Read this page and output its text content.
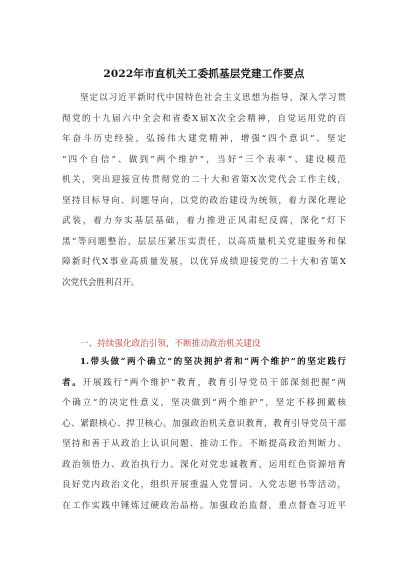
2022年市直机关工委抓基层党建工作要点
坚定以习近平新时代中国特色社会主义思想为指导，深入学习贯
彻党的十九届六中全会和省委X届X次全会精神，自觉运用党的百
年奋斗历史经验，弘扬伟大建党精神，增强“四个意识”、坚定
“四个自信”、做到“两个维护”，当好“三个表率”、建设模范
机关，突出迎接宣传贯彻党的二十大和省第X次党代会工作主线，
坚持目标导向、问题导向，以党的政治建设为统领，着力深化理论
武装，着力夯实基层基础，着力推进正风肃纪反腐，深化“灯下
黑”等问题整治，层层压紧压实责任，以高质量机关党建服务和保
障新时代X事业高质量发展，以优异成绩迎接党的二十大和省第X
次党代会胜利召开。
一、持续强化政治引领，不断推动政治机关建设
1.带头做“两个确立”的坚决拥护者和“两个维护”的坚定践行
者。开展践行“两个维护”教育，教育引导党员干部深刻把握“两
个确立”的决定性意义，坚决做到“两个维护”，坚定不移拥戴核
心、紧跟核心、捍卫核心。加强政治机关意识教育，教育引导党员干部
坚持和善于从政治上认识问题、推动工作。不断提高政治判断力、
政治领悟力、政治执行力。深化对党忠诚教育，运用红色资源培育
良好党内政治文化，组织开展重温入党誓词、入党志愿书等活动，
在工作实践中锤炼过硬政治品格。加强政治监督，重点督查习近平
